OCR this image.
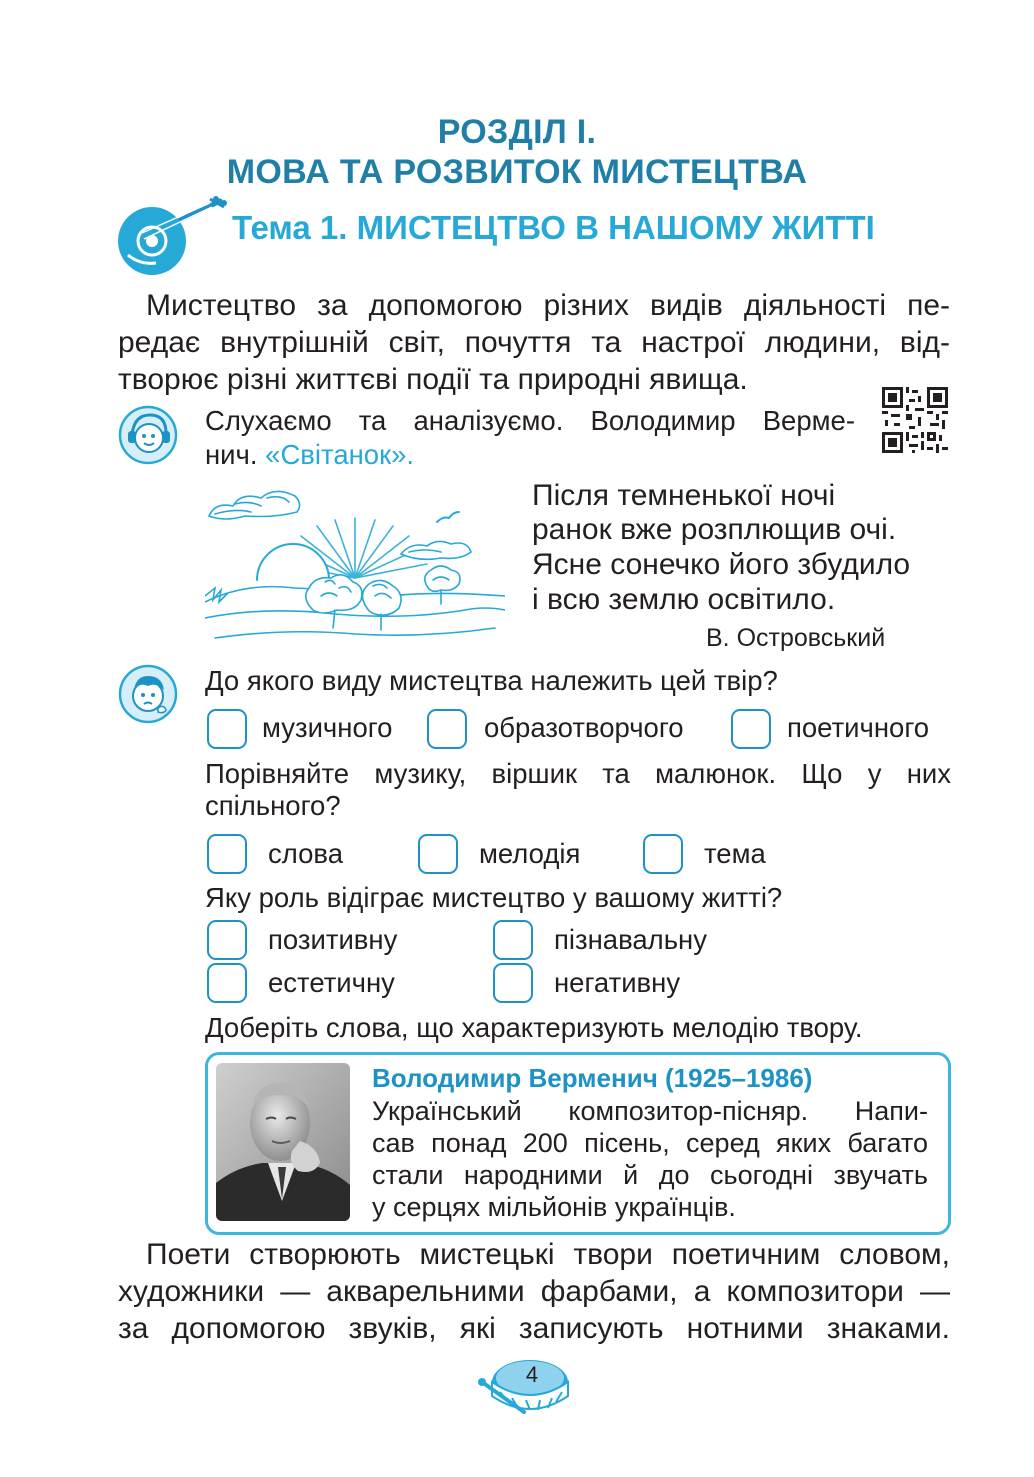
РОЗДІЛ І.
МОВА ТА РОЗВИТОК МИСТЕЦТВА
Тема 1. МИСТЕЦТВО В НАШОМУ ЖИТТІ
Мистецтво за допомогою різних видів діяльності пе-
редає внутрішній світ, почуття та настрої людини, від-
творює різні життєві події та природні явища.
Слухаємо та аналізуємо. Володимир Верме-
нич. «Світанок».
Після темненької ночі
ранок вже розплющив очі.
Ясне сонечко його збудило
і всю землю освітило.
В. Островський
До якого виду мистецтва належить цей твір?
музичного	образотворчого	поетичного
Порівняйте музику, віршик та малюнок. Що у них
спільного?
слова	мелодія	тема
Яку роль відіграє мистецтво у вашому житті?
позитивну	пізнавальну
естетичну	негативну
Доберіть слова, що характеризують мелодію твору.
Володимир Верменич (1925–1986)
Український композитор-пісняр. Напи-
сав понад 200 пісень, серед яких багато
стали народними й до сьогодні звучать
у серцях мільйонів українців.
Поети створюють мистецькі твори поетичним словом,
художники — акварельними фарбами, а композитори —
за допомогою звуків, які записують нотними знаками.
4
